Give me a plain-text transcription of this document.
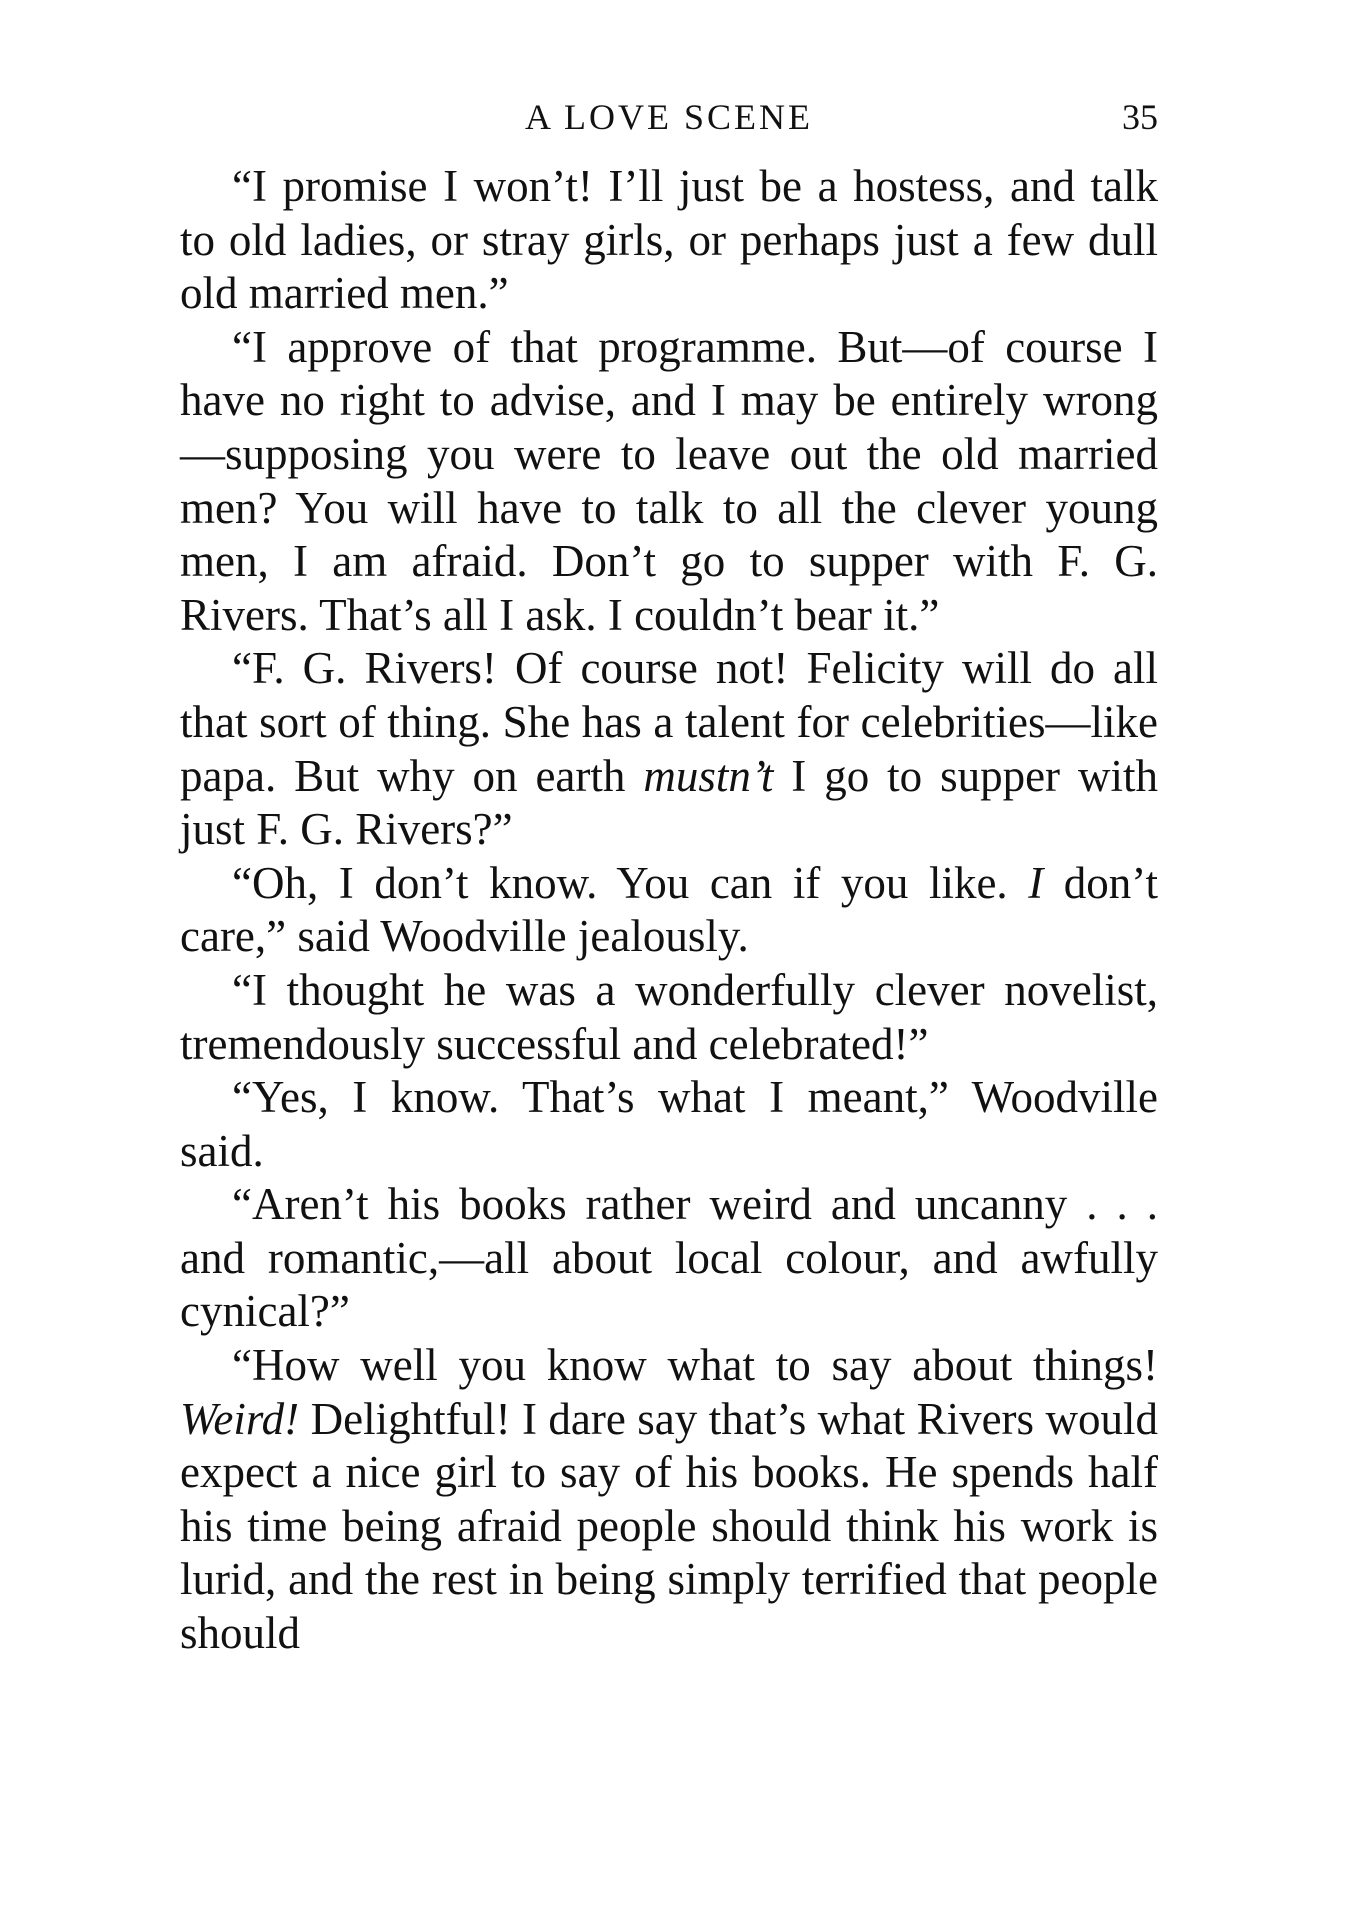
A LOVE SCENE	35

“I promise I won’t! I’ll just be a hostess, and talk to old ladies, or stray girls, or perhaps just a few dull old married men.”

“I approve of that programme. But—of course I have no right to advise, and I may be entirely wrong—supposing you were to leave out the old married men? You will have to talk to all the clever young men, I am afraid. Don’t go to supper with F. G. Rivers. That’s all I ask. I couldn’t bear it.”

“F. G. Rivers! Of course not! Felicity will do all that sort of thing. She has a talent for celebrities—like papa. But why on earth mustn’t I go to supper with just F. G. Rivers?”

“Oh, I don’t know. You can if you like. I don’t care,” said Woodville jealously.

“I thought he was a wonderfully clever novelist, tremendously successful and celebrated!”

“Yes, I know. That’s what I meant,” Woodville said.

“Aren’t his books rather weird and uncanny . . . and romantic,—all about local colour, and awfully cynical?”

“How well you know what to say about things! Weird! Delightful! I dare say that’s what Rivers would expect a nice girl to say of his books. He spends half his time being afraid people should think his work is lurid, and the rest in being simply terrified that people should
